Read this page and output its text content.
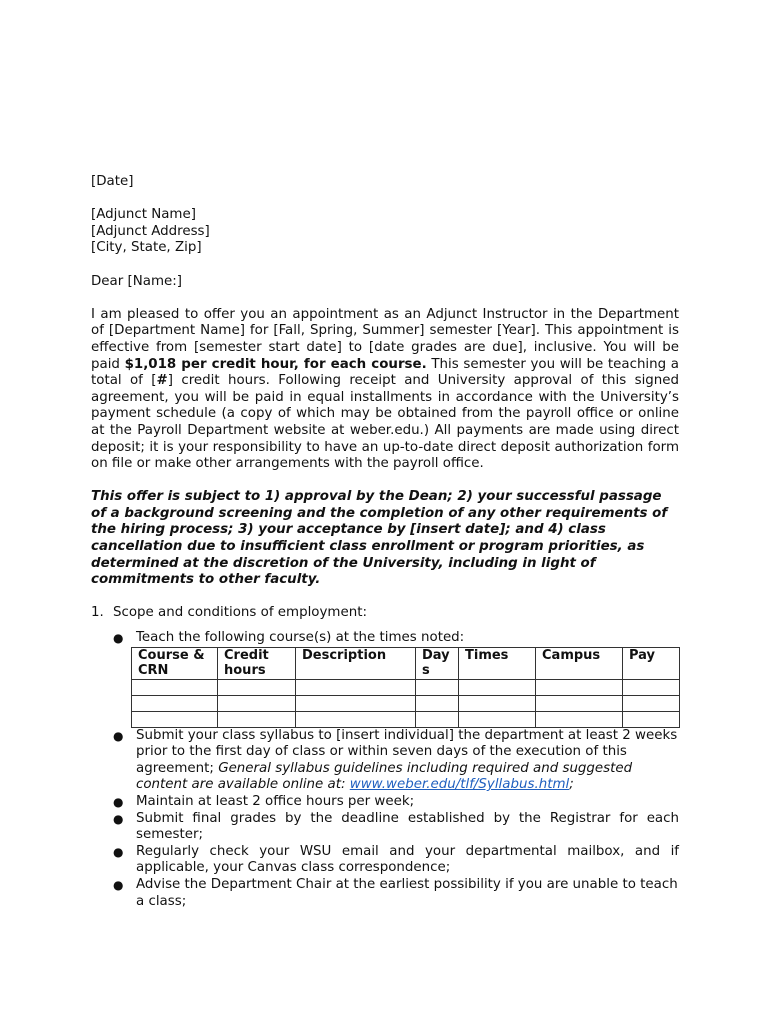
[Date]
[Adjunct Name]
[Adjunct Address]
[City, State, Zip]
Dear [Name:]

I am pleased to offer you an appointment as an Adjunct Instructor in the Department of [Department Name] for [Fall, Spring, Summer] semester [Year]. This appointment is effective from [semester start date] to [date grades are due], inclusive. You will be paid $1,018 per credit hour, for each course. This semester you will be teaching a total of [#] credit hours. Following receipt and University approval of this signed agreement, you will be paid in equal installments in accordance with the University’s payment schedule (a copy of which may be obtained from the payroll office or online at the Payroll Department website at weber.edu.) All payments are made using direct deposit; it is your responsibility to have an up-to-date direct deposit authorization form on file or make other arrangements with the payroll office.

This offer is subject to 1) approval by the Dean; 2) your successful passage of a background screening and the completion of any other requirements of the hiring process; 3) your acceptance by [insert date]; and 4) class cancellation due to insufficient class enrollment or program priorities, as determined at the discretion of the University, including in light of commitments to other faculty.

1. Scope and conditions of employment:
● Teach the following course(s) at the times noted:
Course & CRN	Credit hours	Description	Days	Times	Campus	Pay

● Submit your class syllabus to [insert individual] the department at least 2 weeks prior to the first day of class or within seven days of the execution of this agreement; General syllabus guidelines including required and suggested content are available online at: www.weber.edu/tlf/Syllabus.html;
● Maintain at least 2 office hours per week;
● Submit final grades by the deadline established by the Registrar for each semester;
● Regularly check your WSU email and your departmental mailbox, and if applicable, your Canvas class correspondence;
● Advise the Department Chair at the earliest possibility if you are unable to teach a class;
